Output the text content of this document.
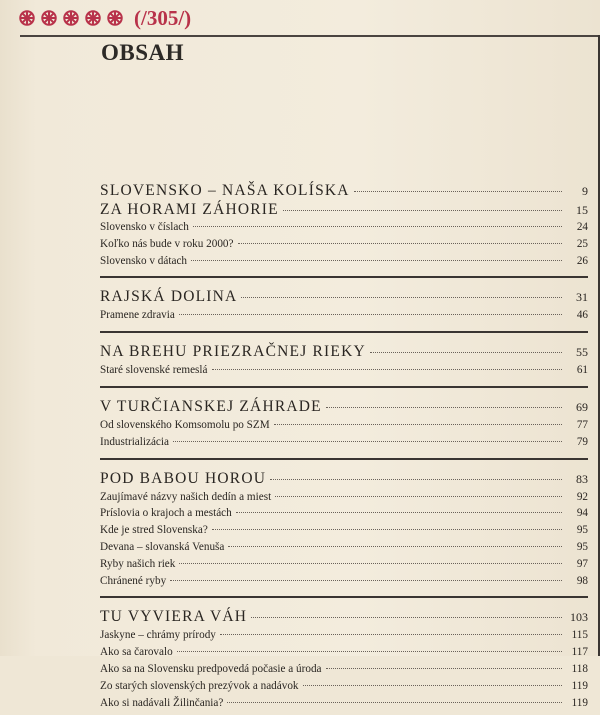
(/305/)
OBSAH
SLOVENSKO – NAŠA KOLÍSKA	9
ZA HORAMI ZÁHORIE	15
Slovensko v číslach	24
Koľko nás bude v roku 2000?	25
Slovensko v dátach	26
RAJSKÁ DOLINA	31
Pramene zdravia	46
NA BREHU PRIEZRAČNEJ RIEKY	55
Staré slovenské remeslá	61
V TURČIANSKEJ ZÁHRADE	69
Od slovenského Komsomolu po SZM	77
Industrializácia	79
POD BABOU HOROU	83
Zaujímavé názvy našich dedín a miest	92
Príslovia o krajoch a mestách	94
Kde je stred Slovenska?	95
Devana – slovanská Venuša	95
Ryby našich riek	97
Chránené ryby	98
TU VYVIERA VÁH	103
Jaskyne – chrámy prírody	115
Ako sa čarovalo	117
Ako sa na Slovensku predpovedá počasie a úroda	118
Zo starých slovenských prezývok a nadávok	119
Ako si nadávali Žilinčania?	119
